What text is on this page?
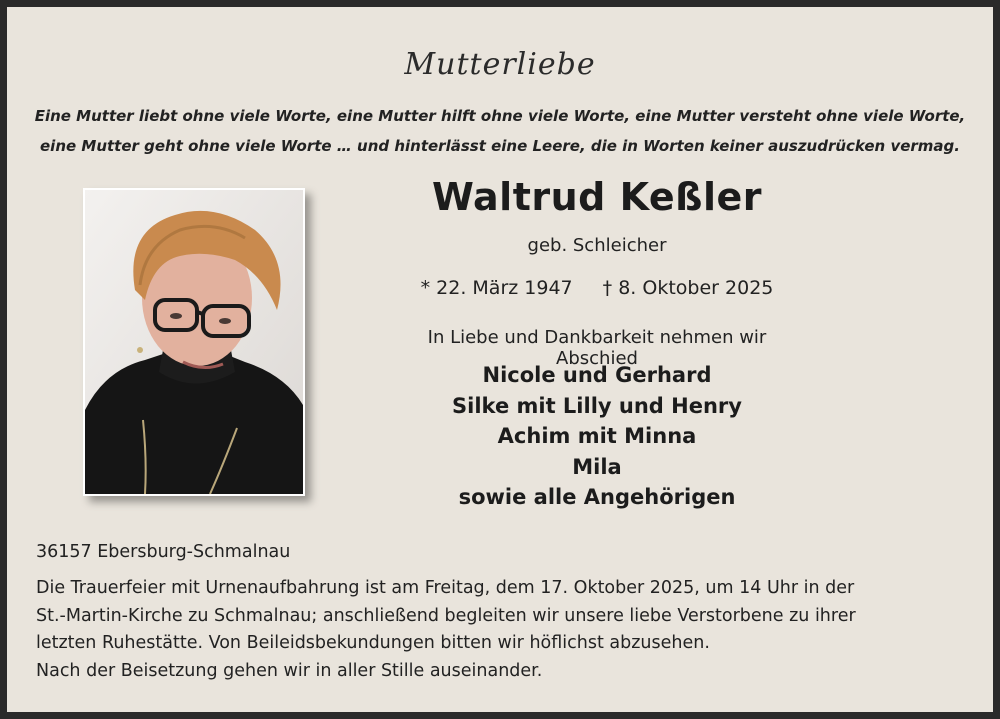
Mutterliebe
Eine Mutter liebt ohne viele Worte, eine Mutter hilft ohne viele Worte, eine Mutter versteht ohne viele Worte,
eine Mutter geht ohne viele Worte … und hinterlässt eine Leere, die in Worten keiner auszudrücken vermag.
Waltrud Keßler
geb. Schleicher
* 22. März 1947 † 8. Oktober 2025
In Liebe und Dankbarkeit nehmen wir Abschied
Nicole und Gerhard
Silke mit Lilly und Henry
Achim mit Minna
Mila
sowie alle Angehörigen
36157 Ebersburg-Schmalnau
Die Trauerfeier mit Urnenaufbahrung ist am Freitag, dem 17. Oktober 2025, um 14 Uhr in der
St.-Martin-Kirche zu Schmalnau; anschließend begleiten wir unsere liebe Verstorbene zu ihrer
letzten Ruhestätte. Von Beileidsbekundungen bitten wir höflichst abzusehen.
Nach der Beisetzung gehen wir in aller Stille auseinander.
